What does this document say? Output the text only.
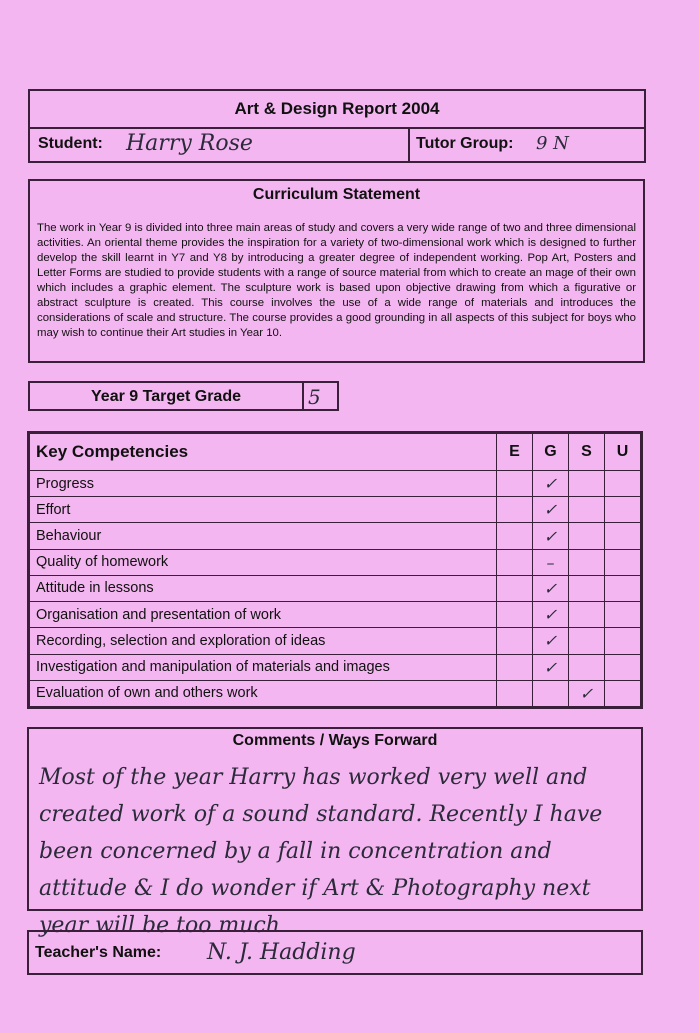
Art & Design Report 2004
Student: Harry Rose	Tutor Group: 9 N
Curriculum Statement
The work in Year 9 is divided into three main areas of study and covers a very wide range of two and three dimensional activities. An oriental theme provides the inspiration for a variety of two-dimensional work which is designed to further develop the skill learnt in Y7 and Y8 by introducing a greater degree of independent working. Pop Art, Posters and Letter Forms are studied to provide students with a range of source material from which to create an mage of their own which includes a graphic element. The sculpture work is based upon objective drawing from which a figurative or abstract sculpture is created. This course involves the use of a wide range of materials and introduces the considerations of scale and structure. The course provides a good grounding in all aspects of this subject for boys who may wish to continue their Art studies in Year 10.
Year 9 Target Grade	5
Key Competencies	E	G	S	U
Progress		✓		
Effort		✓		
Behaviour		✓		
Quality of homework		–		
Attitude in lessons		✓		
Organisation and presentation of work		✓		
Recording, selection and exploration of ideas		✓		
Investigation and manipulation of materials and images		✓		
Evaluation of own and others work			✓	
Comments / Ways Forward
Most of the year Harry has worked very well and created work of a sound standard. Recently I have been concerned by a fall in concentration and attitude & I do wonder if Art & Photography next year will be too much
Teacher's Name: N. J. Hadding
